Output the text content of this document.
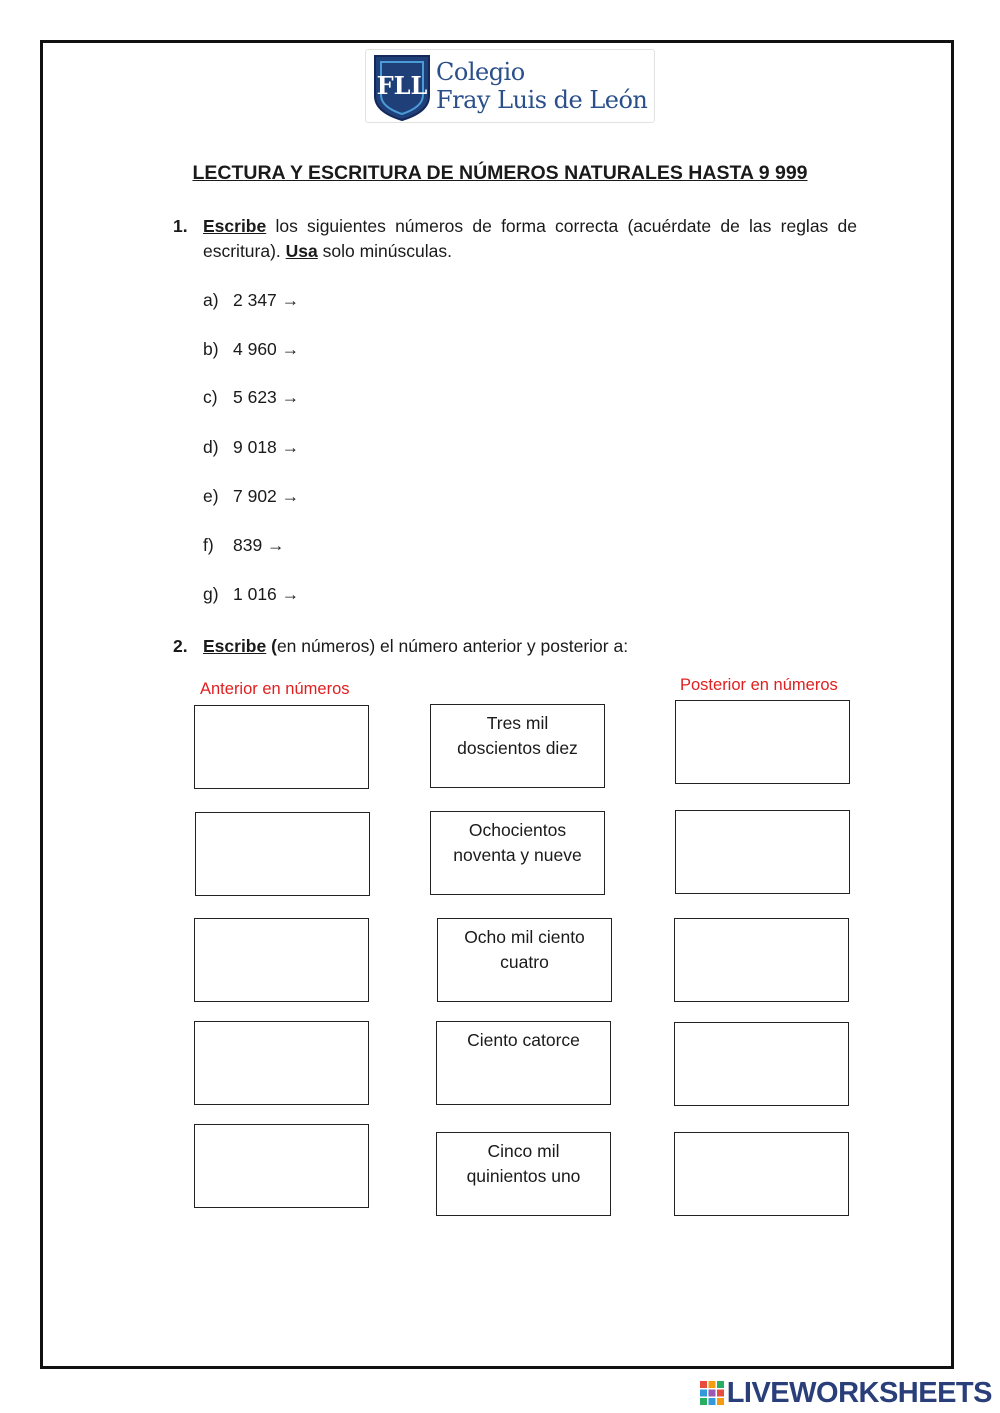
FLL Colegio
Fray Luis de León
LECTURA Y ESCRITURA DE NÚMEROS NATURALES HASTA 9 999
1. Escribe los siguientes números de forma correcta (acuérdate de las reglas de escritura). Usa solo minúsculas.
a) 2 347 →
b) 4 960 →
c) 5 623 →
d) 9 018 →
e) 7 902 →
f) 839 →
g) 1 016 →
2. Escribe (en números) el número anterior y posterior a:
Anterior en números	Posterior en números
Tres mil
doscientos diez
Ochocientos
noventa y nueve
Ocho mil ciento
cuatro
Ciento catorce
Cinco mil
quinientos uno
LIVEWORKSHEETS
